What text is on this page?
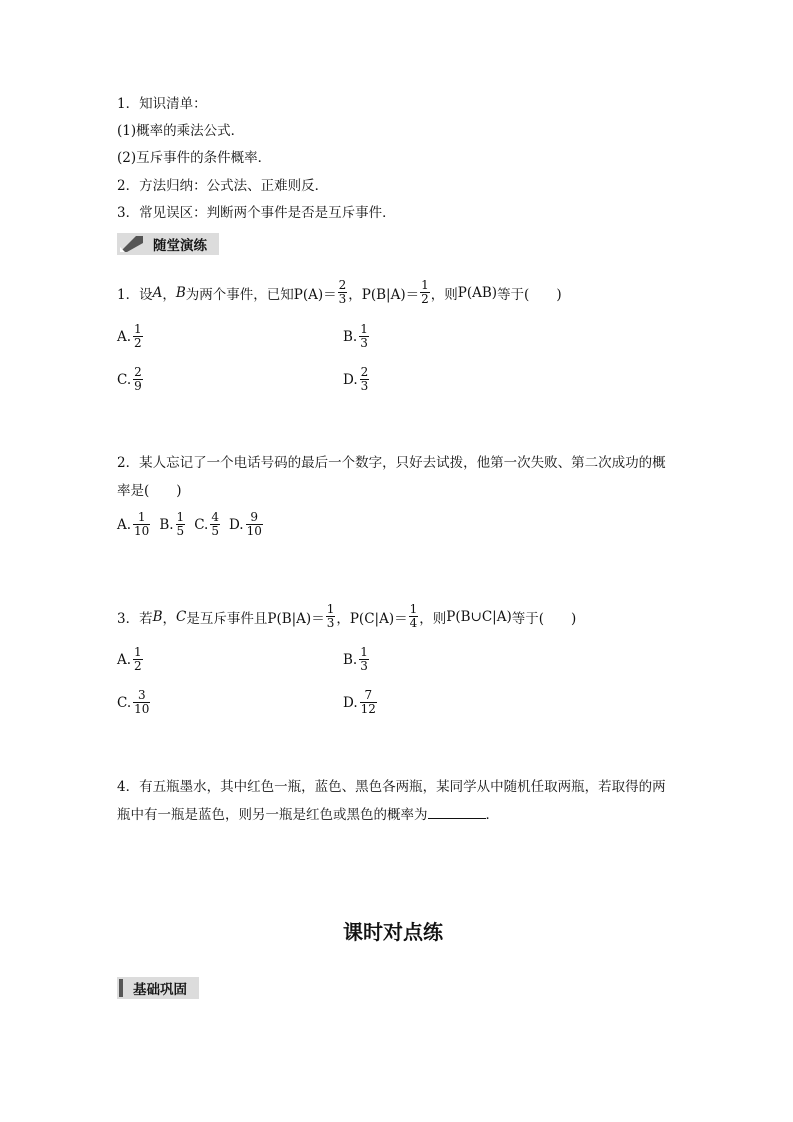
1．知识清单：
(1)概率的乘法公式．
(2)互斥事件的条件概率．
2．方法归纳：公式法、正难则反．
3．常见误区：判断两个事件是否是互斥事件．
随堂演练
1．设 A ， B 为两个事件，已知 $P(A)= \frac{2}{3}$ ， $P(B|A)= \frac{1}{2}$ ，则 P(AB) 等于(　　)
A. $\frac{1}{2}$	B. $\frac{1}{3}$
C. $\frac{2}{9}$	D. $\frac{2}{3}$
2．某人忘记了一个电话号码的最后一个数字，只好去试拨，他第一次失败、第二次成功的概
率是(　　)
A. $\frac{1}{10} B$. $\frac{1}{5} C$. $\frac{4}{5} D$. $\frac{9}{10}$
3．若 B ， C 是互斥事件且 $P(B|A)= \frac{1}{3}$ ， $P(C|A)= \frac{1}{4}$ ，则 P(B∪C|A) 等于(　　)
A. $\frac{1}{2}$	B. $\frac{1}{3}$
C. $\frac{3}{10}$	D. $\frac{7}{12}$
4．有五瓶墨水，其中红色一瓶，蓝色、黑色各两瓶，某同学从中随机任取两瓶，若取得的两
瓶中有一瓶是蓝色，则另一瓶是红色或黑色的概率为	．
课时对点练
基础巩固
